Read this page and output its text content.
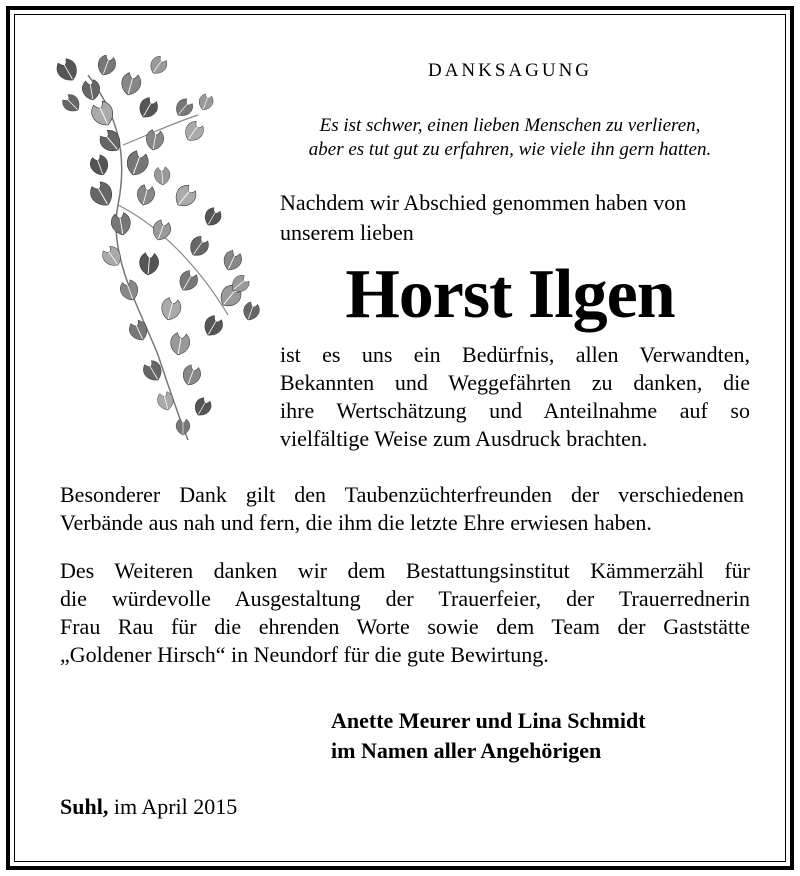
DANKSAGUNG
Es ist schwer, einen lieben Menschen zu verlieren,
aber es tut gut zu erfahren, wie viele ihn gern hatten.
Nachdem wir Abschied genommen haben von
unserem lieben
Horst Ilgen
ist es uns ein Bedürfnis, allen Verwandten,
Bekannten und Weggefährten zu danken, die
ihre Wertschätzung und Anteilnahme auf so
vielfältige Weise zum Ausdruck brachten.
Besonderer Dank gilt den Taubenzüchterfreunden der verschiedenen
Verbände aus nah und fern, die ihm die letzte Ehre erwiesen haben.
Des Weiteren danken wir dem Bestattungsinstitut Kämmerzähl für
die würdevolle Ausgestaltung der Trauerfeier, der Trauerrednerin
Frau Rau für die ehrenden Worte sowie dem Team der Gaststätte
„Goldener Hirsch“ in Neundorf für die gute Bewirtung.
Anette Meurer und Lina Schmidt
im Namen aller Angehörigen
Suhl, im April 2015
